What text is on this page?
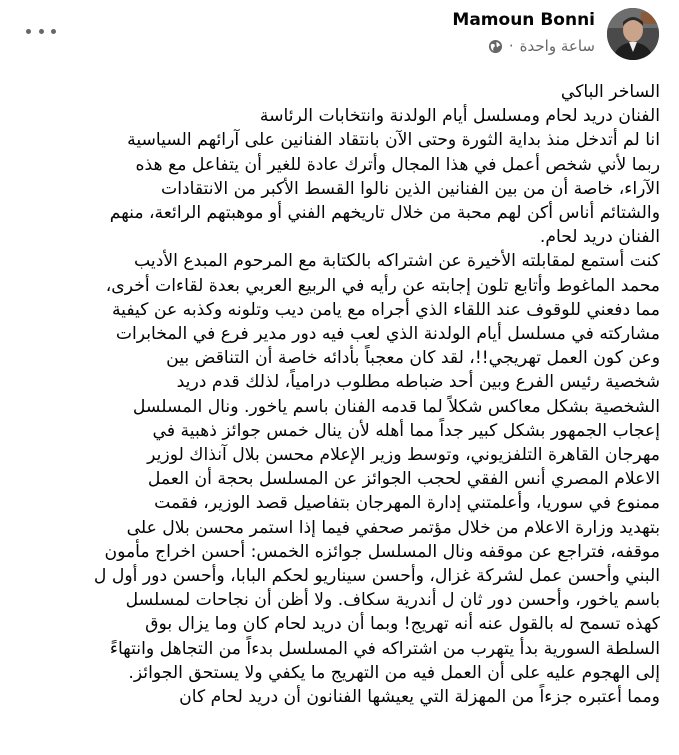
Mamoun Bonni
· ساعة واحدة

الساخر الباكي

الفنان دريد لحام ومسلسل أيام الولدنة وانتخابات الرئاسة

انا لم أتدخل منذ بداية الثورة وحتى الآن بانتقاد الفنانين على آرائهم السياسية

ربما لأني شخص أعمل في هذا المجال وأترك عادة للغير أن يتفاعل مع هذه

الآراء، خاصة أن من بين الفنانين الذين نالوا القسط الأكبر من الانتقادات

والشتائم أناس أكن لهم محبة من خلال تاريخهم الفني أو موهبتهم الرائعة، منهم

الفنان دريد لحام.

كنت أستمع لمقابلته الأخيرة عن اشتراكه بالكتابة مع المرحوم المبدع الأديب

محمد الماغوط وأتابع تلون إجابته عن رأيه في الربيع العربي بعدة لقاءات أخرى،

مما دفعني للوقوف عند اللقاء الذي أجراه مع يامن ديب وتلونه وكذبه عن كيفية

مشاركته في مسلسل أيام الولدنة الذي لعب فيه دور مدير فرع في المخابرات

وعن كون العمل تهريجي!!، لقد كان معجباً بأدائه خاصة أن التناقض بين

شخصية رئيس الفرع وبين أحد ضباطه مطلوب درامياً، لذلك قدم دريد

الشخصية بشكل معاكس شكلاً لما قدمه الفنان باسم ياخور. ونال المسلسل

إعجاب الجمهور بشكل كبير جداً مما أهله لأن ينال خمس جوائز ذهبية في

مهرجان القاهرة التلفزيوني، وتوسط وزير الإعلام محسن بلال آنذاك لوزير

الاعلام المصري أنس الفقي لحجب الجوائز عن المسلسل بحجة أن العمل

ممنوع في سوريا، وأعلمتني إدارة المهرجان بتفاصيل قصد الوزير، فقمت

بتهديد وزارة الاعلام من خلال مؤتمر صحفي فيما إذا استمر محسن بلال على

موقفه، فتراجع عن موقفه ونال المسلسل جوائزه الخمس: أحسن اخراج مأمون

البني وأحسن عمل لشركة غزال، وأحسن سيناريو لحكم البابا، وأحسن دور أول ل

باسم ياخور، وأحسن دور ثان ل أندرية سكاف. ولا أظن أن نجاحات لمسلسل

كهذه تسمح له بالقول عنه أنه تهريج! وبما أن دريد لحام كان وما يزال بوق

السلطة السورية بدأ يتهرب من اشتراكه في المسلسل بدءاً من التجاهل وانتهاءً

إلى الهجوم عليه على أن العمل فيه من التهريج ما يكفي ولا يستحق الجوائز.

ومما أعتبره جزءاً من المهزلة التي يعيشها الفنانون أن دريد لحام كان
